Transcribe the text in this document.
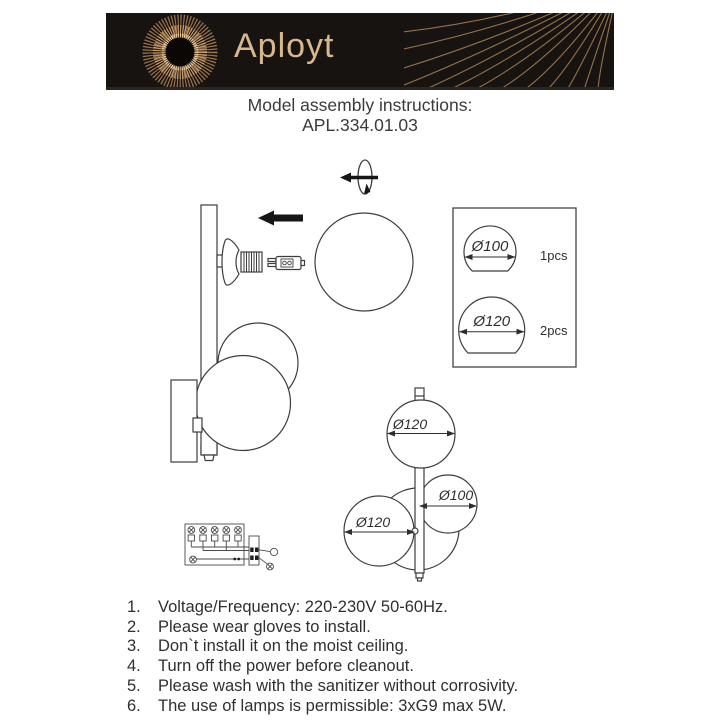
Aployt
Model assembly instructions:
APL.334.01.03
Ø100
1pcs
Ø120
2pcs
Ø120
Ø100
Ø120
1.	Voltage/Frequency: 220-230V 50-60Hz.
2.	Please wear gloves to install.
3.	Don`t install it on the moist ceiling.
4.	Turn off the power before cleanout.
5.	Please wash with the sanitizer without corrosivity.
6.	The use of lamps is permissible: 3xG9 max 5W.
